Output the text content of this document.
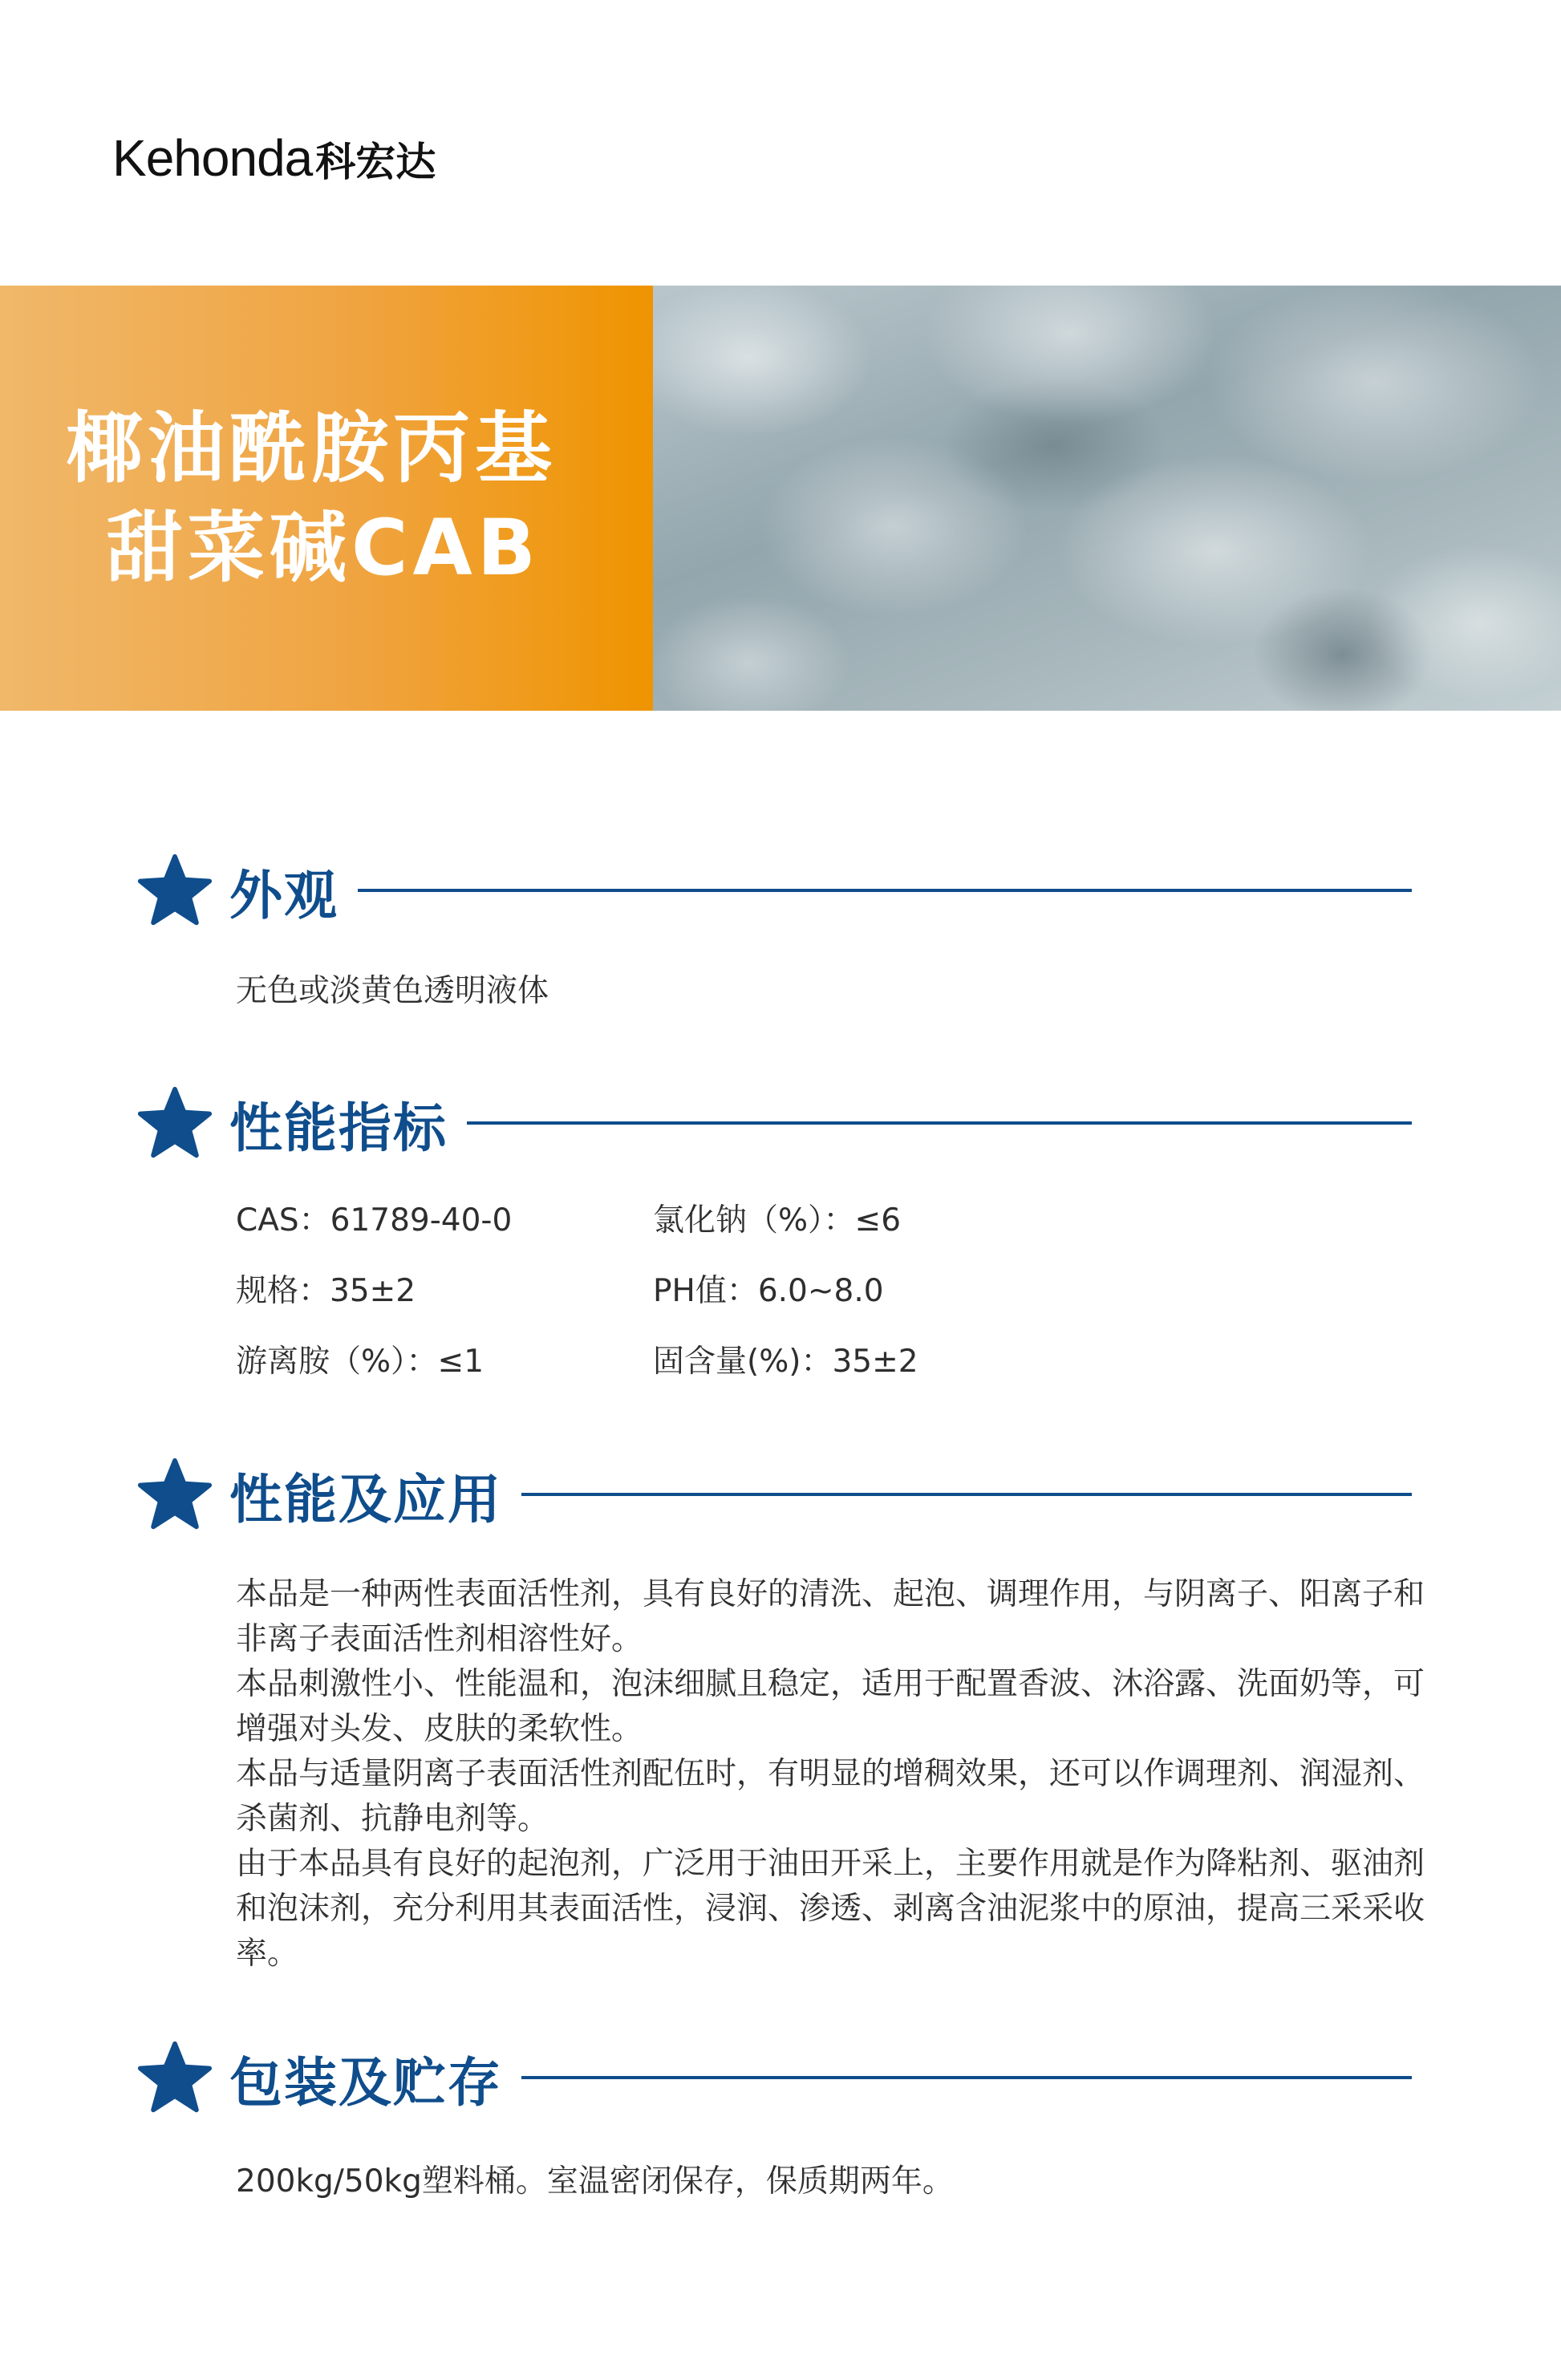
Kehonda 科宏达
椰油酰胺丙基
甜菜碱CAB
外观
无色或淡黄色透明液体
性能指标
CAS：61789-40-0	氯化钠（%）：≤6
规格：35±2	PH值：6.0~8.0
游离胺（%）：≤1	固含量(%)：35±2
性能及应用

本品是一种两性表面活性剂，具有良好的清洗、起泡、调理作用，与阴离子、阳离子和非离子表面活性剂相溶性好。

本品刺激性小、性能温和，泡沫细腻且稳定，适用于配置香波、沐浴露、洗面奶等，可增强对头发、皮肤的柔软性。

本品与适量阴离子表面活性剂配伍时，有明显的增稠效果，还可以作调理剂、润湿剂、杀菌剂、抗静电剂等。

由于本品具有良好的起泡剂，广泛用于油田开采上，主要作用就是作为降粘剂、驱油剂和泡沫剂，充分利用其表面活性，浸润、渗透、剥离含油泥浆中的原油，提高三采采收率。

包装及贮存
200kg/50kg塑料桶。室温密闭保存，保质期两年。
